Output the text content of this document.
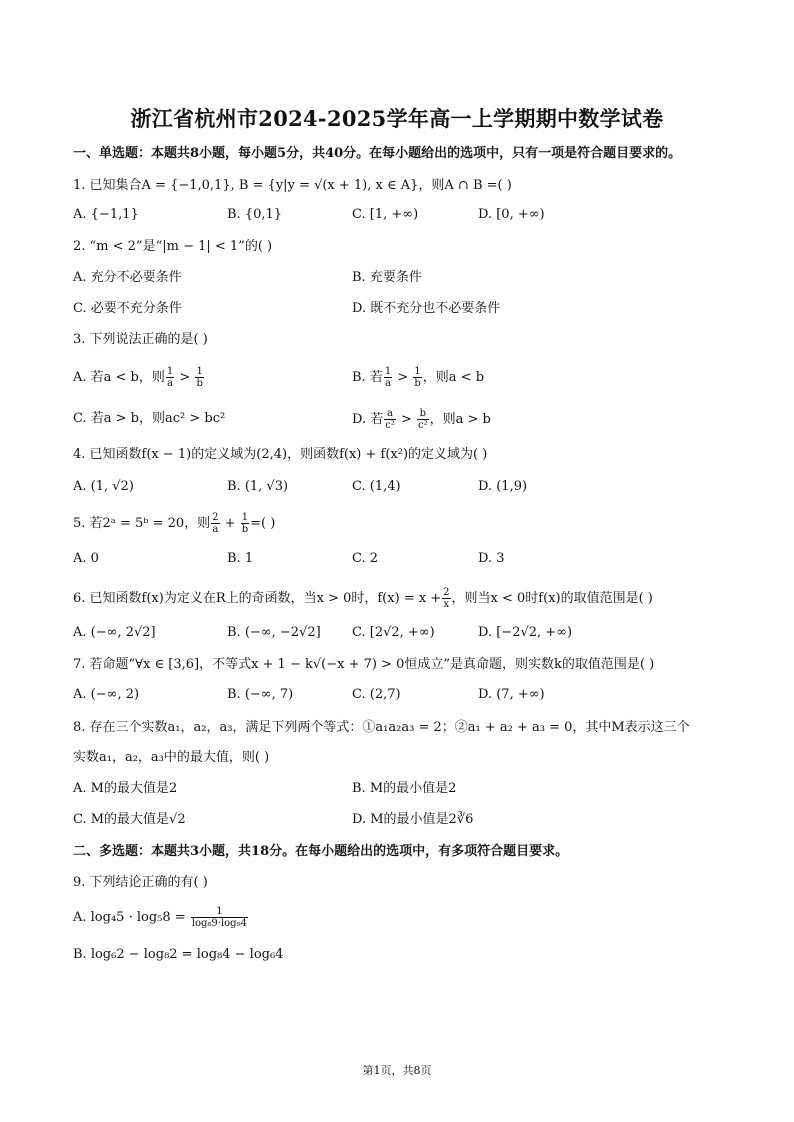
浙江省杭州市2024-2025学年高一上学期期中数学试卷
一、单选题：本题共8小题，每小题5分，共40分。在每小题给出的选项中，只有一项是符合题目要求的。
1. 已知集合A = {−1,0,1}, B = {y|y = √(x + 1), x ∈ A}，则A ∩ B =( )
A. {−1,1}	B. {0,1}	C. [1, +∞)	D. [0, +∞)
2. “m < 2”是“|m − 1| < 1”的( )
A. 充分不必要条件	B. 充要条件
C. 必要不充分条件	D. 既不充分也不必要条件
3. 下列说法正确的是( )
A. 若a < b，则 $\frac{1}{a} > \frac{1}{b}$	B. 若 $\frac{1}{a} > \frac{1}{b}$ ，则a < b
C. 若a > b，则ac² > bc²	D. 若 $\frac{a}{\text{c²}} > \frac{b}{\text{c²}}$ ，则a > b
4. 已知函数f(x − 1)的定义域为(2,4)，则函数f(x) + f(x²)的定义域为( )
A. (1, √2)	B. (1, √3)	C. (1,4)	D. (1,9)
5. 若2ᵃ = 5ᵇ = 20，则 $\frac{2}{a} + \frac{1}{b}$ =( )
A. 0	B. 1	C. 2	D. 3
6. 已知函数f(x)为定义在R上的奇函数，当x > 0时，$f(x) = x + \frac{2}{x}$ ，则当x < 0时f(x)的取值范围是( )
A. (−∞, 2√2]	B. (−∞, −2√2] C. [2√2, +∞)	D. [−2√2, +∞)
7. 若命题“∀x ∈ [3,6]，不等式x + 1 − k√(−x + 7) > 0恒成立”是真命题，则实数k的取值范围是( )
A. (−∞, 2)	B. (−∞, 7)	C. (2,7)	D. (7, +∞)
8. 存在三个实数a₁，a₂，a₃，满足下列两个等式：①a₁a₂a₃ = 2；②a₁ + a₂ + a₃ = 0，其中M表示这三个
实数a₁，a₂，a₃中的最大值，则( )
A. M的最大值是2	B. M的最小值是2
C. M的最大值是√2	D. M的最小值是2∛6
二、多选题：本题共3小题，共18分。在每小题给出的选项中，有多项符合题目要求。
9. 下列结论正确的有( )
A. $\log_45 \cdot \log_58 = \frac{1}{\text{log₈9·log₉4}}$
B. log₆2 − log₈2 = log₈4 − log₆4
第1页，共8页
